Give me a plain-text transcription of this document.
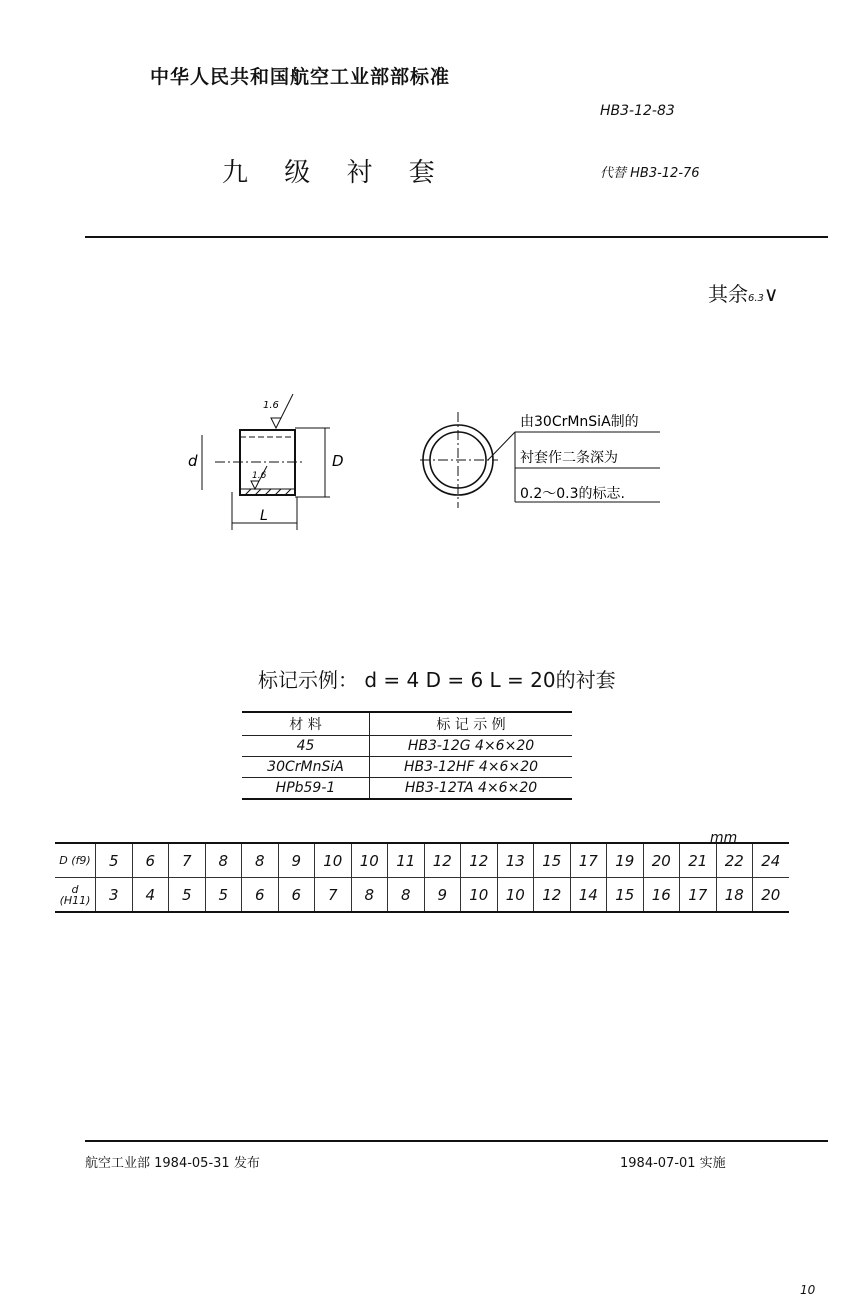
中华人民共和国航空工业部部标准
HB3-12-83
九 级 衬 套	代替 HB3-12-76
其余6.3∨
1.6
1.6
d	D
L
由30CrMnSiA制的
衬套作二条深为
0.2～0.3的标志.
标记示例： d = 4 D = 6 L = 20的衬套
材 料	标 记 示 例
45	HB3-12G 4×6×20
30CrMnSiA	HB3-12HF 4×6×20
HPb59-1	HB3-12TA 4×6×20
mm
D (f9)	5	6	7	8	8	9	10	10	11	12	12	13	15	17	19	20	21	22	24
d (H11)	3	4	5	5	6	6	7	8	8	9	10	10	12	14	15	16	17	18	20
航空工业部 1984-05-31 发布	1984-07-01 实施
10
